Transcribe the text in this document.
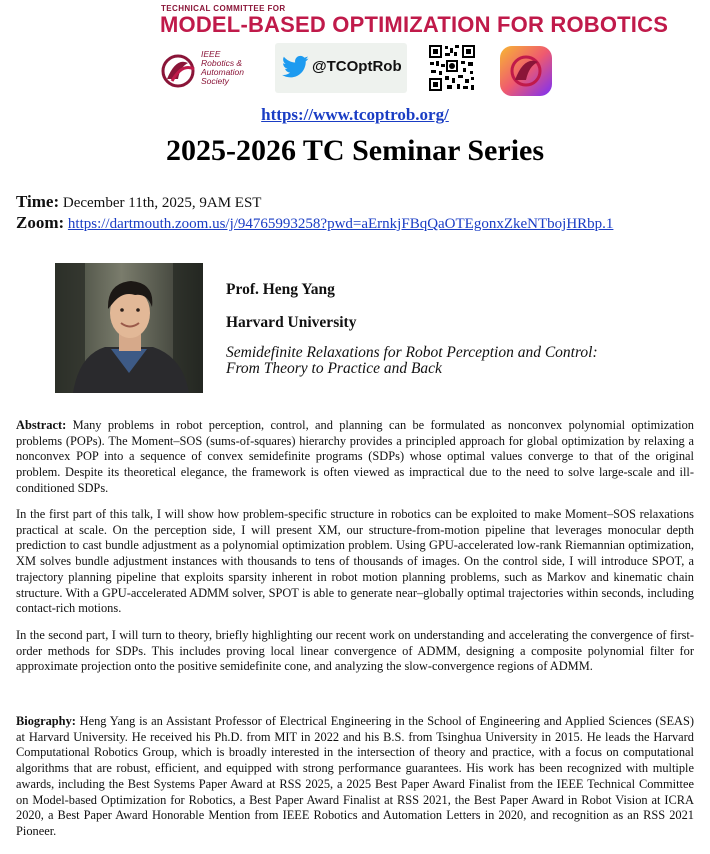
TECHNICAL COMMITTEE FOR
MODEL-BASED OPTIMIZATION FOR ROBOTICS
IEEE
Robotics &
Automation
Society
@TCOptRob
https://www.tcoptrob.org/
2025-2026 TC Seminar Series
Time: December 11th, 2025, 9AM EST
Zoom: https://dartmouth.zoom.us/j/94765993258?pwd=aErnkjFBqQaOTEgonxZkeNTbojHRbp.1
Prof. Heng Yang
Harvard University
Semidefinite Relaxations for Robot Perception and Control:
From Theory to Practice and Back
Abstract: Many problems in robot perception, control, and planning can be formulated as nonconvex polynomial optimization problems (POPs). The Moment–SOS (sums-of-squares) hierarchy provides a principled approach for global optimization by relaxing a nonconvex POP into a sequence of convex semidefinite programs (SDPs) whose optimal values converge to that of the original problem. Despite its theoretical elegance, the framework is often viewed as impractical due to the need to solve large-scale and ill-conditioned SDPs.
In the first part of this talk, I will show how problem-specific structure in robotics can be exploited to make Moment–SOS relaxations practical at scale. On the perception side, I will present XM, our structure-from-motion pipeline that leverages monocular depth prediction to cast bundle adjustment as a polynomial optimization problem. Using GPU-accelerated low-rank Riemannian optimization, XM solves bundle adjustment instances with thousands to tens of thousands of images. On the control side, I will introduce SPOT, a trajectory planning pipeline that exploits sparsity inherent in robot motion planning problems, such as Markov and kinematic chain structure. With a GPU-accelerated ADMM solver, SPOT is able to generate near–globally optimal trajectories within seconds, including contact-rich motions.
In the second part, I will turn to theory, briefly highlighting our recent work on understanding and accelerating the convergence of first-order methods for SDPs. This includes proving local linear convergence of ADMM, designing a composite polynomial filter for approximate projection onto the positive semidefinite cone, and analyzing the slow-convergence regions of ADMM.
Biography: Heng Yang is an Assistant Professor of Electrical Engineering in the School of Engineering and Applied Sciences (SEAS) at Harvard University. He received his Ph.D. from MIT in 2022 and his B.S. from Tsinghua University in 2015. He leads the Harvard Computational Robotics Group, which is broadly interested in the intersection of theory and practice, with a focus on computational algorithms that are robust, efficient, and equipped with strong performance guarantees. His work has been recognized with multiple awards, including the Best Systems Paper Award at RSS 2025, a 2025 Best Paper Award Finalist from the IEEE Technical Committee on Model-based Optimization for Robotics, a Best Paper Award Finalist at RSS 2021, the Best Paper Award in Robot Vision at ICRA 2020, a Best Paper Award Honorable Mention from IEEE Robotics and Automation Letters in 2020, and recognition as an RSS 2021 Pioneer.
